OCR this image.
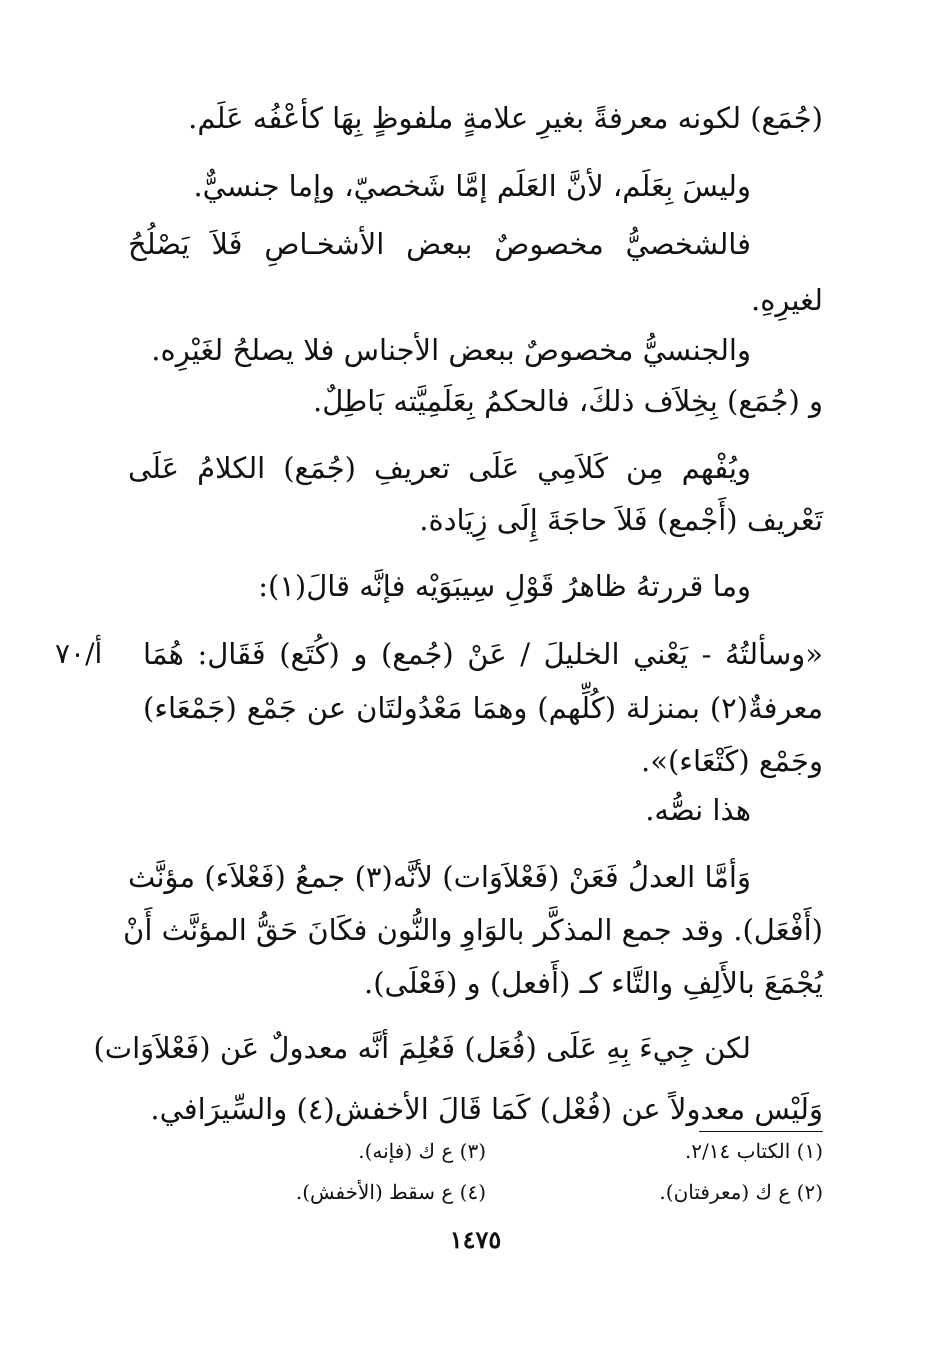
(جُمَع) لكونه معرفةً بغيرِ علامةٍ ملفوظٍ بِهَا كأعْفُه عَلَم.
وليسَ بِعَلَم، لأنَّ العَلَم إمَّا شَخصيّ، وإما جنسيٌّ.
فالشخصيُّ مخصوصٌ ببعض الأشخـاصِ فَلاَ يَصْلُحُ
لغيرِهِ.
والجنسيُّ مخصوصٌ ببعض الأجناس فلا يصلحُ لغَيْرِه.
و (جُمَع) بِخِلاَف ذلكَ، فالحكمُ بِعَلَمِيَّته بَاطِلٌ.
ويُفْهم مِن كَلاَمِي عَلَى تعريفِ (جُمَع) الكلامُ عَلَى
تَعْريف (أَجْمع) فَلاَ حاجَةَ إِلَى زِيَادة.
وما قررتهُ ظاهرُ قَوْلِ سِيبَوَيْه فإنَّه قالَ(١):
أ/٧٠ «وسألتُهُ - يَعْني الخليلَ / عَنْ (جُمع) و (كُتَع) فَقَال: هُمَا
معرفةٌ(٢) بمنزلة (كُلِّهم) وهمَا مَعْدُولتَان عن جَمْع (جَمْعَاء)
وجَمْع (كَتْعَاء)».
هذا نصُّه.
وَأمَّا العدلُ فَعَنْ (فَعْلاَوَات) لأنَّه(٣) جمعُ (فَعْلاَء) مؤنَّث
(أَفْعَل). وقد جمع المذكَّر بالوَاوِ والنُّون فكَانَ حَقُّ المؤنَّث أَنْ
يُجْمَعَ بالأَلِفِ والتَّاء كـ (أَفعل) و (فَعْلَى).
لكن جِيءَ بِهِ عَلَى (فُعَل) فَعُلِمَ أنَّه معدولٌ عَن (فَعْلاَوَات)
وَلَيْس معدولاً عن (فُعْل) كَمَا قَالَ الأخفش(٤) والسِّيرَافي.
(١) الكتاب ٢/١٤.
(٣) ع ك (فإنه).
(٢) ع ك (معرفتان).
(٤) ع سقط (الأخفش).
١٤٧٥
